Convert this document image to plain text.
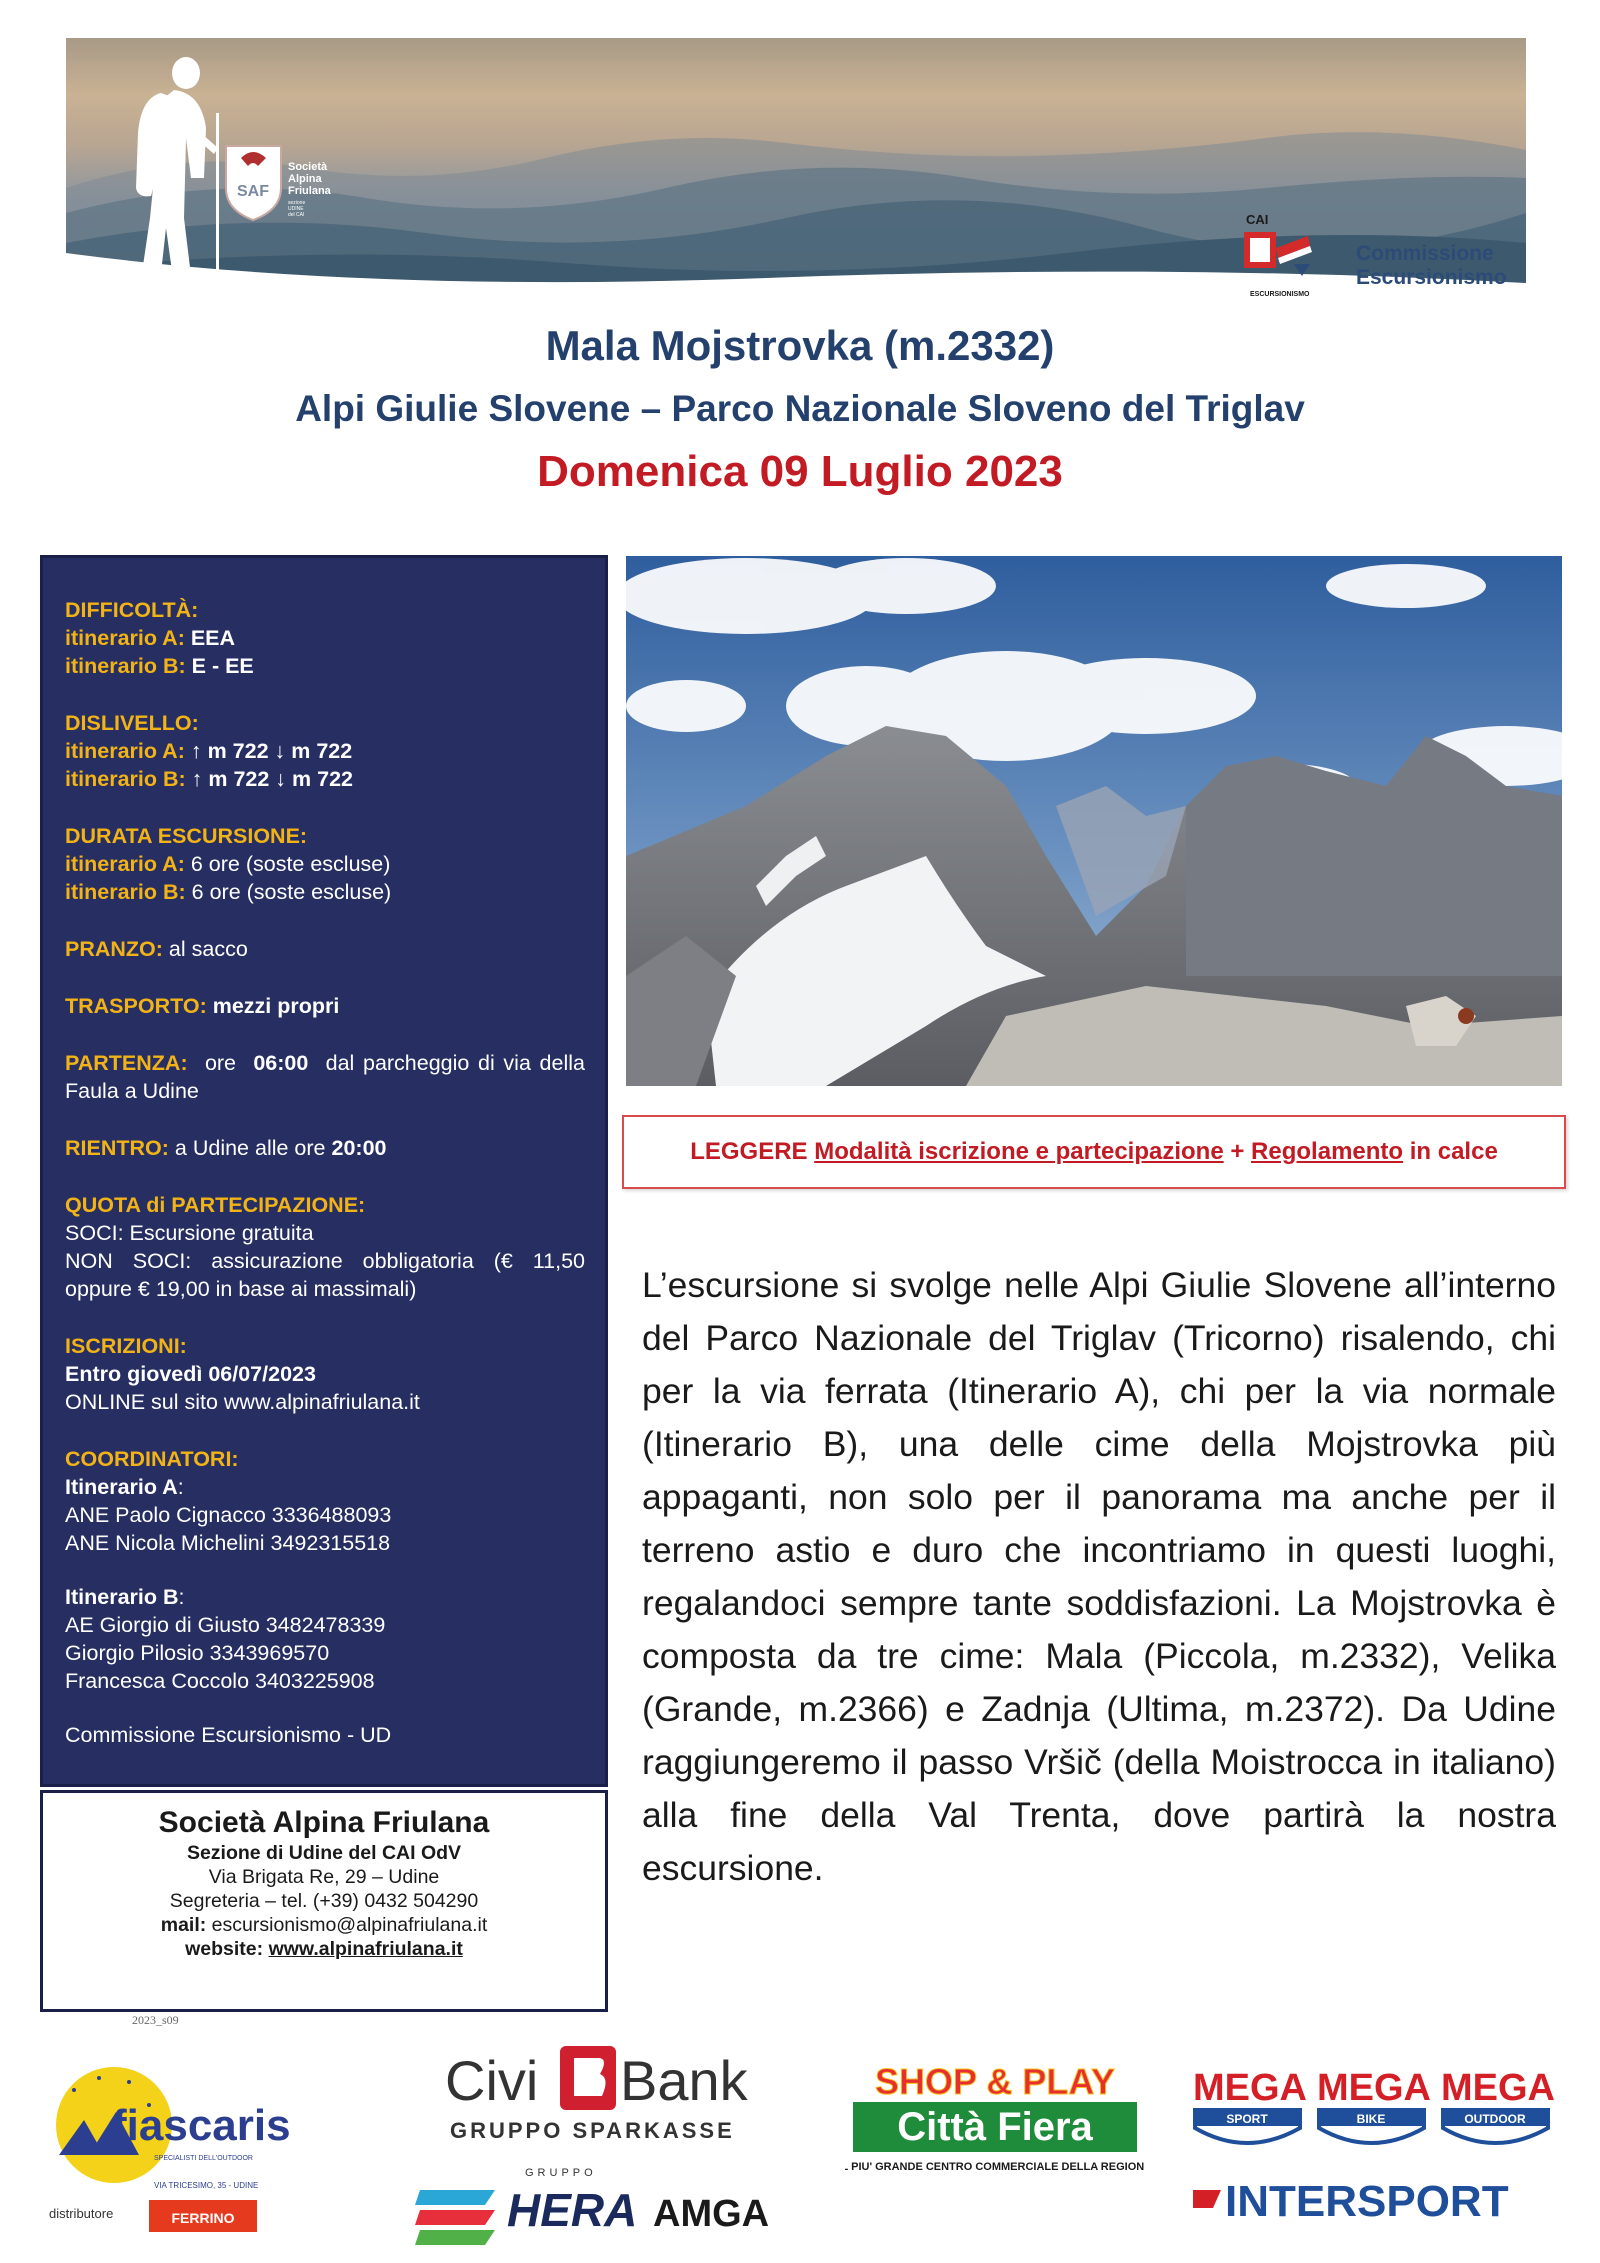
SAF
Società
Alpina
Friulana
sezione
UDINE
del CAI	CAI
ESCURSIONISMO
Commissione
Escursionismo
Mala Mojstrovka (m.2332)
Alpi Giulie Slovene – Parco Nazionale Sloveno del Triglav
Domenica 09 Luglio 2023
DIFFICOLTÀ:
itinerario A: EEA
itinerario B: E - EE
DISLIVELLO:
itinerario A: ↑ m 722 ↓ m 722
itinerario B: ↑ m 722 ↓ m 722
DURATA ESCURSIONE:
itinerario A: 6 ore (soste escluse)
itinerario B: 6 ore (soste escluse)
PRANZO: al sacco
TRASPORTO: mezzi propri
PARTENZA: ore 06:00 dal parcheggio di via della Faula a Udine
RIENTRO: a Udine alle ore 20:00
QUOTA di PARTECIPAZIONE:
SOCI: Escursione gratuita
NON SOCI: assicurazione obbligatoria (€ 11,50 oppure € 19,00 in base ai massimali)
ISCRIZIONI:
Entro giovedì 06/07/2023
ONLINE sul sito www.alpinafriulana.it
COORDINATORI:
Itinerario A:
ANE Paolo Cignacco 3336488093
ANE Nicola Michelini 3492315518
Itinerario B:
AE Giorgio di Giusto 3482478339
Giorgio Pilosio 3343969570
Francesca Coccolo 3403225908
Commissione Escursionismo - UD
Società Alpina Friulana
Sezione di Udine del CAI OdV
Via Brigata Re, 29 – Udine
Segreteria – tel. (+39) 0432 504290
mail: escursionismo@alpinafriulana.it
website: www.alpinafriulana.it
2023_s09
LEGGERE Modalità iscrizione e partecipazione + Regolamento in calce
L’escursione si svolge nelle Alpi Giulie Slovene all’interno del Parco Nazionale del Triglav (Tricorno) risalendo, chi per la via ferrata (Itinerario A), chi per la via normale (Itinerario B), una delle cime della Mojstrovka più appaganti, non solo per il panorama ma anche per il terreno astio e duro che incontriamo in questi luoghi, regalandoci sempre tante soddisfazioni. La Mojstrovka è composta da tre cime: Mala (Piccola, m.2332), Velika (Grande, m.2366) e Zadnja (Ultima, m.2372). Da Udine raggiungeremo il passo Vršič (della Moistrocca in italiano) alla fine della Val Trenta, dove partirà la nostra escursione.
fiascaris
SPECIALISTI DELL'OUTDOOR
VIA TRICESIMO, 35 - UDINE
distributore	FERRINO
Civi Bank
GRUPPO SPARKASSE
GRUPPO
HERA AMGA
SHOP & PLAY
Città Fiera
IL PIU' GRANDE CENTRO COMMERCIALE DELLA REGIONE
MEGA MEGA MEGA
SPORT	BIKE	OUTDOOR
INTERSPORT
